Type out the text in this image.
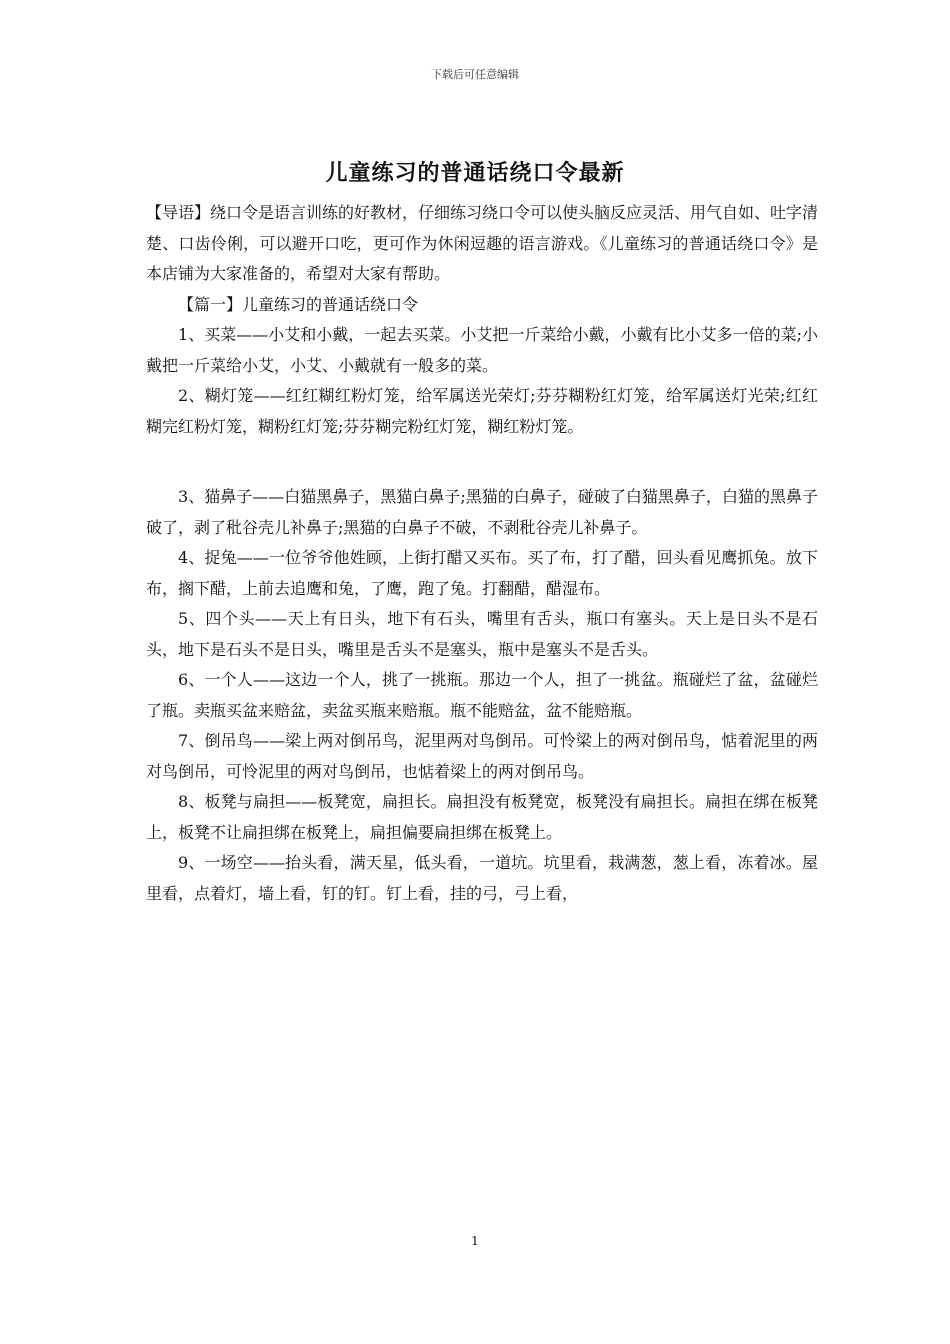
下载后可任意编辑
儿童练习的普通话绕口令最新

【导语】绕口令是语言训练的好教材，仔细练习绕口令可以使头脑反应灵活、用气自如、吐字清楚、口齿伶俐，可以避开口吃，更可作为休闲逗趣的语言游戏。《儿童练习的普通话绕口令》是本店铺为大家准备的，希望对大家有帮助。

【篇一】儿童练习的普通话绕口令

1、买菜——小艾和小戴，一起去买菜。小艾把一斤菜给小戴，小戴有比小艾多一倍的菜;小戴把一斤菜给小艾，小艾、小戴就有一般多的菜。

2、糊灯笼——红红糊红粉灯笼，给军属送光荣灯;芬芬糊粉红灯笼，给军属送灯光荣;红红糊完红粉灯笼，糊粉红灯笼;芬芬糊完粉红灯笼，糊红粉灯笼。

3、猫鼻子——白猫黑鼻子，黑猫白鼻子;黑猫的白鼻子，碰破了白猫黑鼻子，白猫的黑鼻子破了，剥了秕谷壳儿补鼻子;黑猫的白鼻子不破，不剥秕谷壳儿补鼻子。

4、捉兔——一位爷爷他姓顾，上街打醋又买布。买了布，打了醋，回头看见鹰抓兔。放下布，搁下醋，上前去追鹰和兔，了鹰，跑了兔。打翻醋，醋湿布。

5、四个头——天上有日头，地下有石头，嘴里有舌头，瓶口有塞头。天上是日头不是石头，地下是石头不是日头，嘴里是舌头不是塞头，瓶中是塞头不是舌头。

6、一个人——这边一个人，挑了一挑瓶。那边一个人，担了一挑盆。瓶碰烂了盆，盆碰烂了瓶。卖瓶买盆来赔盆，卖盆买瓶来赔瓶。瓶不能赔盆，盆不能赔瓶。

7、倒吊鸟——梁上两对倒吊鸟，泥里两对鸟倒吊。可怜梁上的两对倒吊鸟，惦着泥里的两对鸟倒吊，可怜泥里的两对鸟倒吊，也惦着梁上的两对倒吊鸟。

8、板凳与扁担——板凳宽，扁担长。扁担没有板凳宽，板凳没有扁担长。扁担在绑在板凳上，板凳不让扁担绑在板凳上，扁担偏要扁担绑在板凳上。

9、一场空——抬头看，满天星，低头看，一道坑。坑里看，栽满葱，葱上看，冻着冰。屋里看，点着灯，墙上看，钉的钉。钉上看，挂的弓，弓上看，

1
